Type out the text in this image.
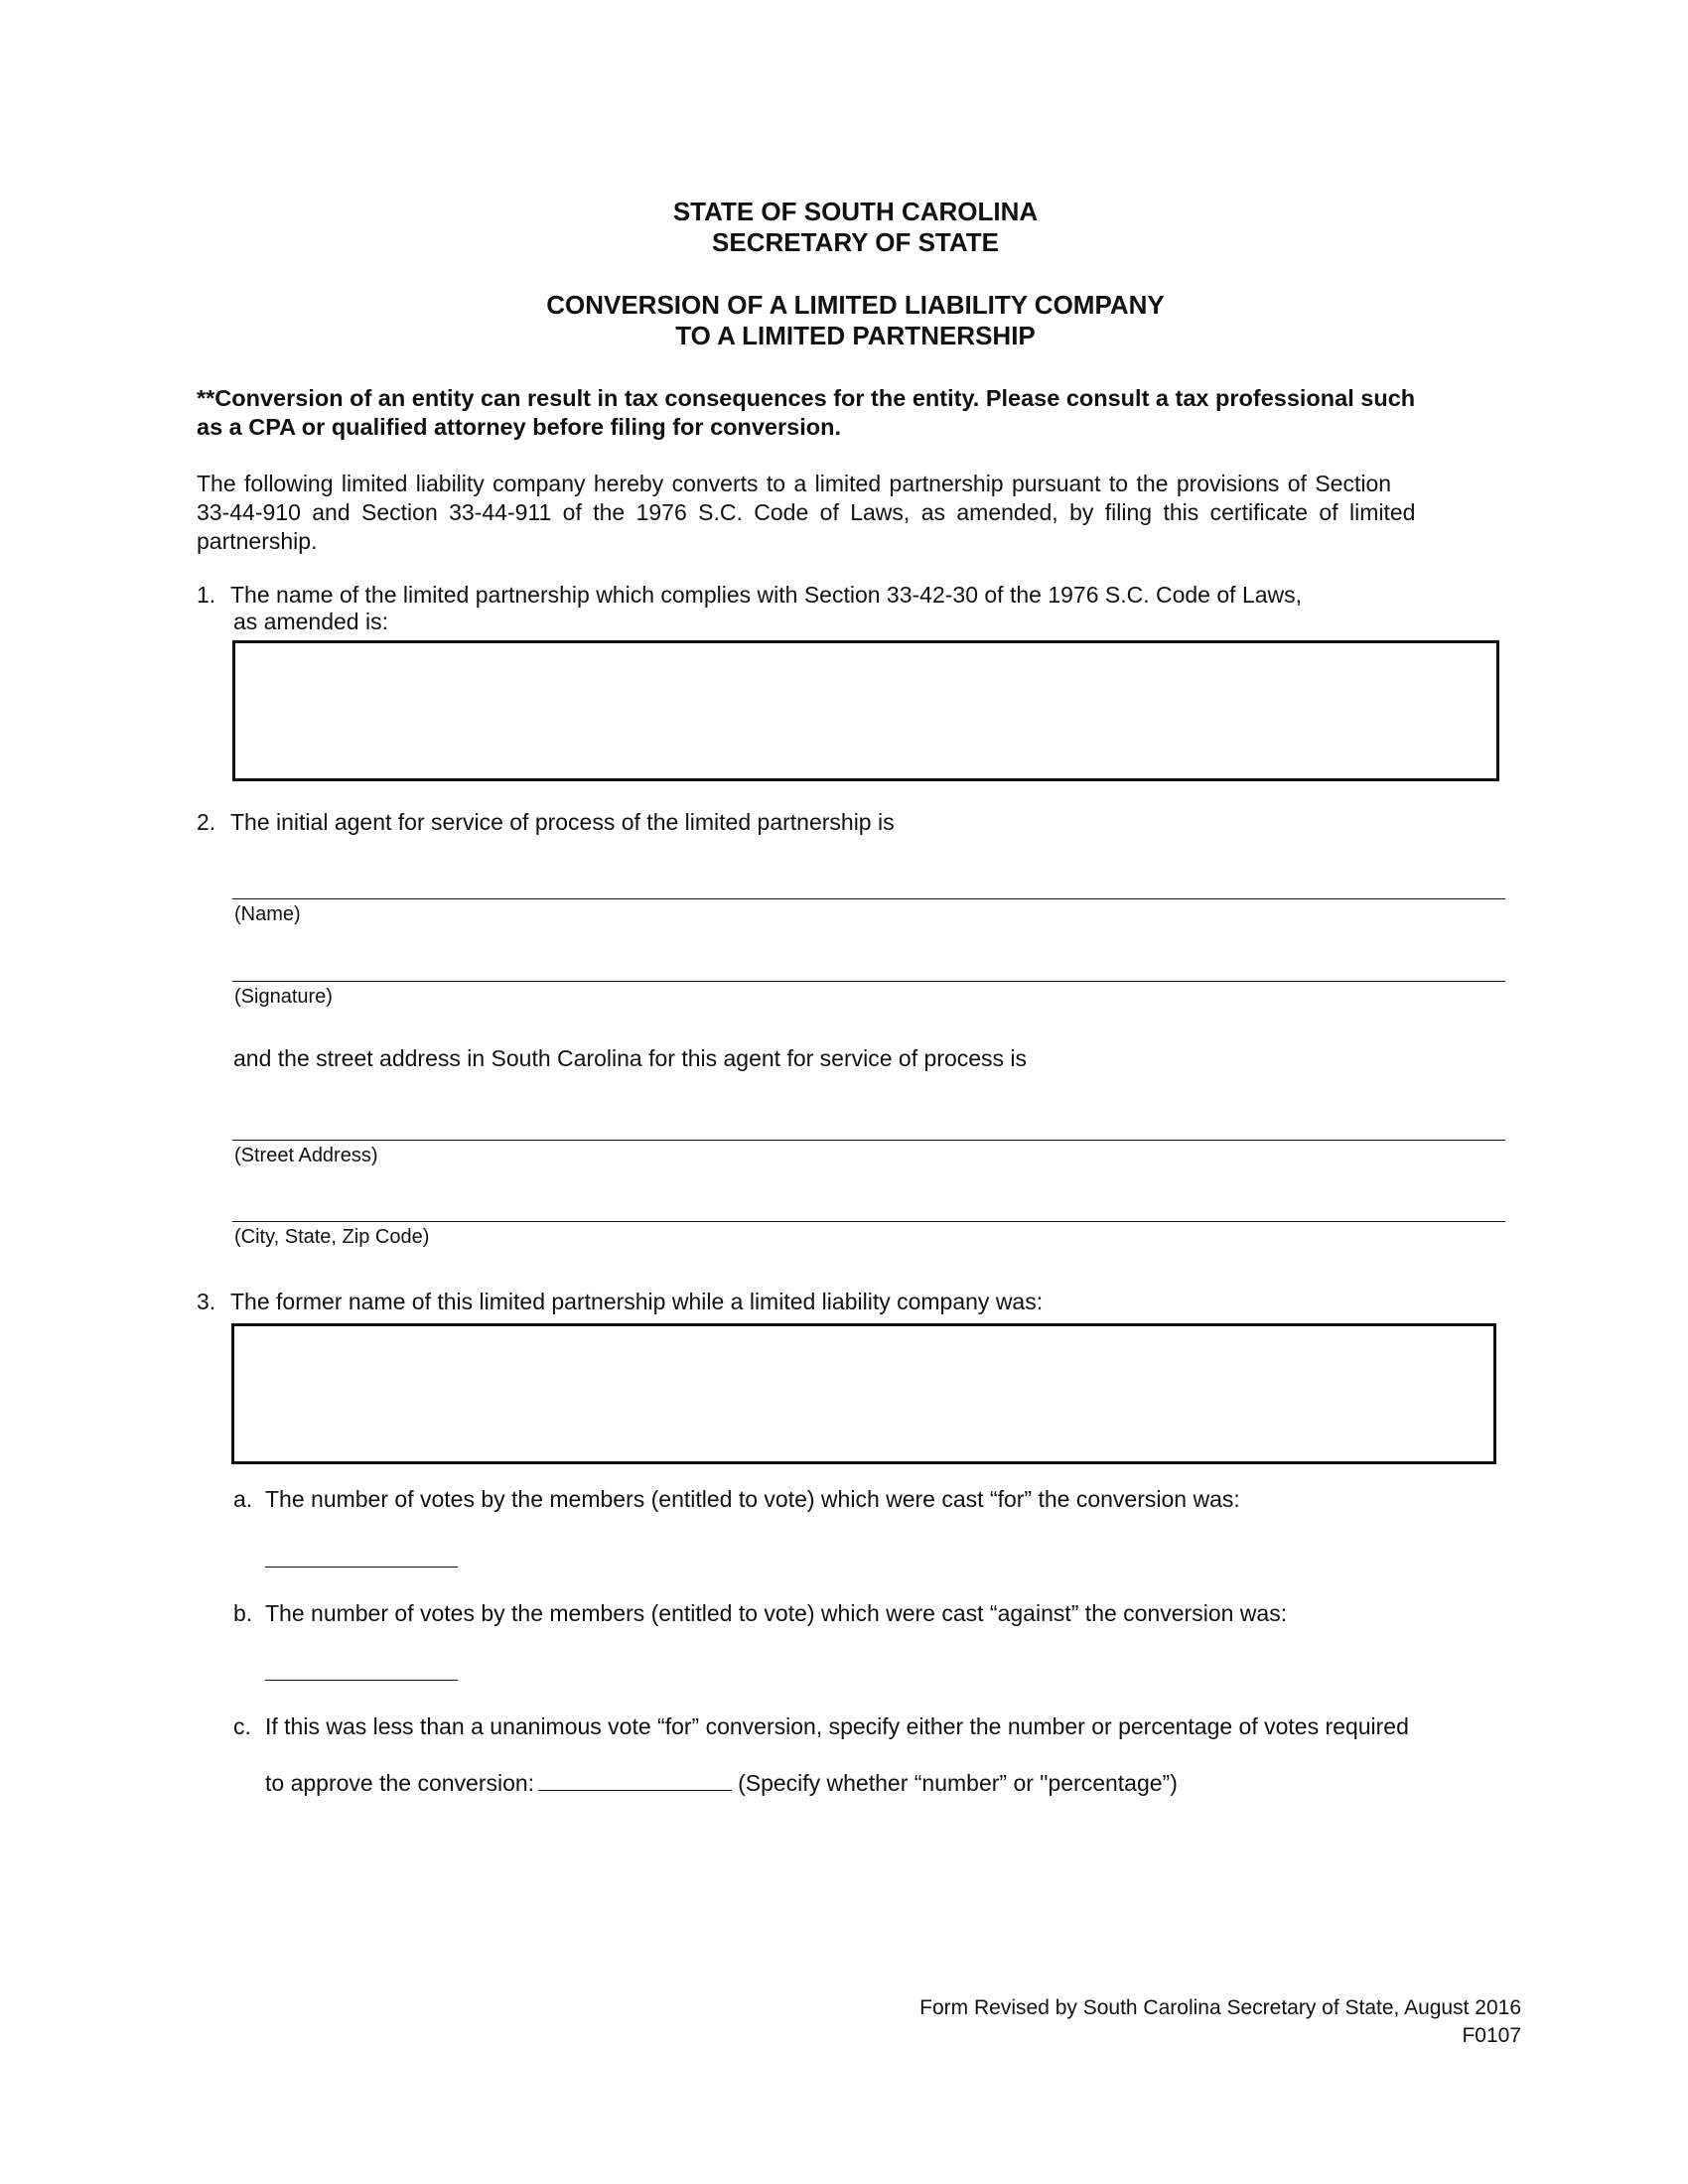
STATE OF SOUTH CAROLINA
SECRETARY OF STATE
CONVERSION OF A LIMITED LIABILITY COMPANY
TO A LIMITED PARTNERSHIP
**Conversion of an entity can result in tax consequences for the entity. Please consult a tax professional such
as a CPA or qualified attorney before filing for conversion.
The following limited liability company hereby converts to a limited partnership pursuant to the provisions of Section
33-44-910 and Section 33-44-911 of the 1976 S.C. Code of Laws, as amended, by filing this certificate of limited
partnership.
1. The name of the limited partnership which complies with Section 33-42-30 of the 1976 S.C. Code of Laws,
as amended is:
2. The initial agent for service of process of the limited partnership is
(Name)
(Signature)
and the street address in South Carolina for this agent for service of process is
(Street Address)
(City, State, Zip Code)
3. The former name of this limited partnership while a limited liability company was:
a. The number of votes by the members (entitled to vote) which were cast “for” the conversion was:
b. The number of votes by the members (entitled to vote) which were cast “against” the conversion was:
c. If this was less than a unanimous vote “for” conversion, specify either the number or percentage of votes required
to approve the conversion:	(Specify whether “number” or "percentage”)
Form Revised by South Carolina Secretary of State, August 2016
F0107
